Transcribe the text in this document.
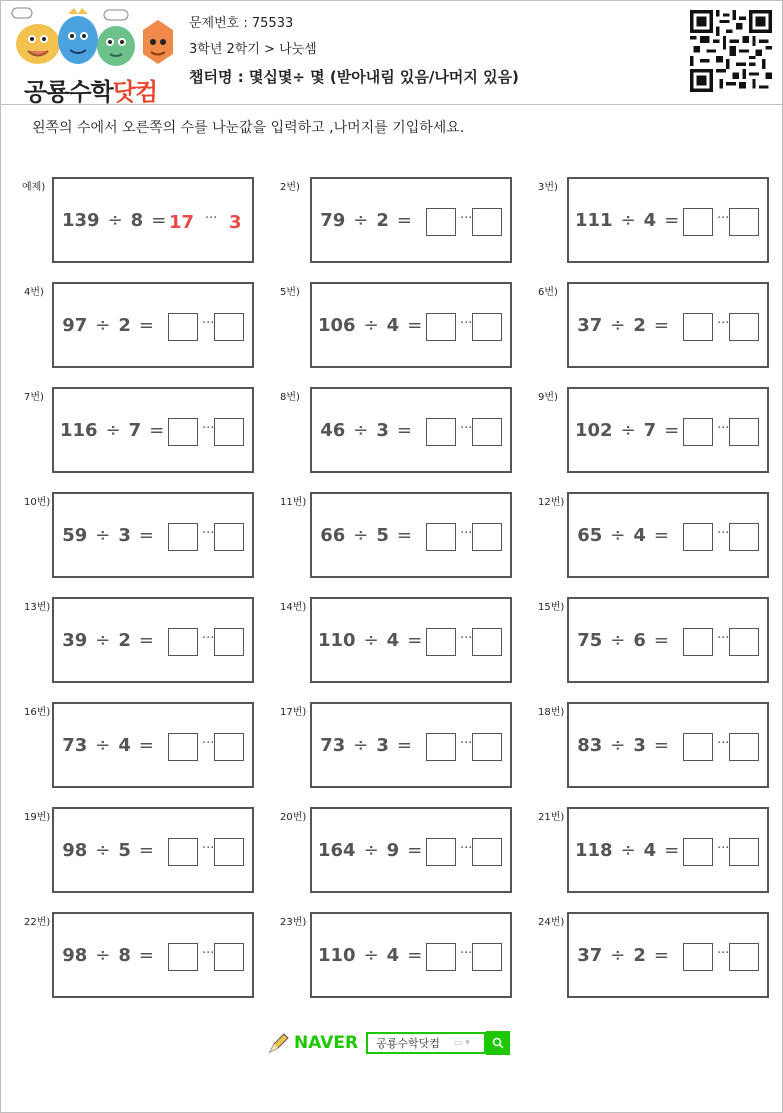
공룡수학닷컴
문제번호 : 75533
3학년 2학기 > 나눗셈
챕터명 : 몇십몇÷ 몇 (받아내림 있음/나머지 있음)
왼쪽의 수에서 오른쪽의 수를 나눈값을 입력하고 ,나머지를 기입하세요.
예제)
139 ÷ 8 = 17 ··· 3
2번)
79 ÷ 2 =	···
3번)
111 ÷ 4 =	···
4번)
97 ÷ 2 =	···
5번)
106 ÷ 4 =	···
6번)
37 ÷ 2 =	···
7번)
116 ÷ 7 =	···
8번)
46 ÷ 3 =	···
9번)
102 ÷ 7 =	···
10번)
59 ÷ 3 =	···
11번)
66 ÷ 5 =	···
12번)
65 ÷ 4 =	···
13번)
39 ÷ 2 =	···
14번)
110 ÷ 4 =	···
15번)
75 ÷ 6 =	···
16번)
73 ÷ 4 =	···
17번)
73 ÷ 3 =	···
18번)
83 ÷ 3 =	···
19번)
98 ÷ 5 =	···
20번)
164 ÷ 9 =	···
21번)
118 ÷ 4 =	···
22번)
98 ÷ 8 =	···
23번)
110 ÷ 4 =	···
24번)
37 ÷ 2 =	···
NAVER 공룡수학닷컴 ▭ ▾
